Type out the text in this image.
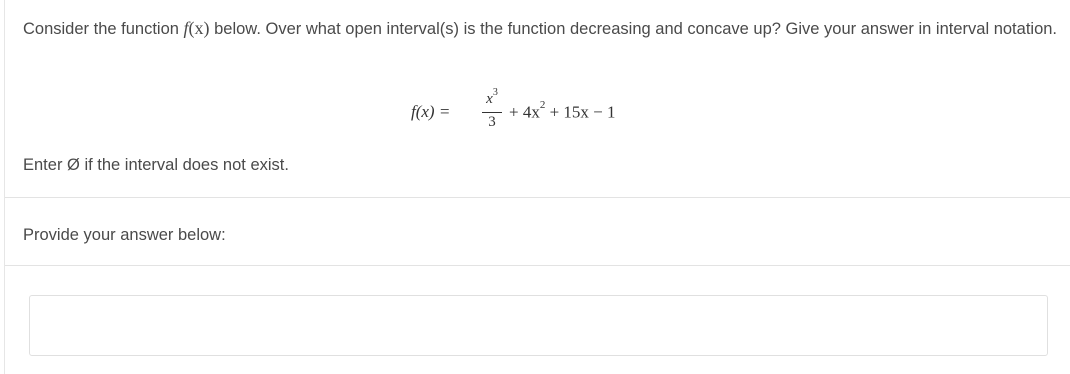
Consider the function f(x) below. Over what open interval(s) is the function decreasing and concave up? Give your answer in interval notation.
f(x) =
$x^3$
3
+ $4x^2 + 15x - 1$
Enter Ø if the interval does not exist.
Provide your answer below:
